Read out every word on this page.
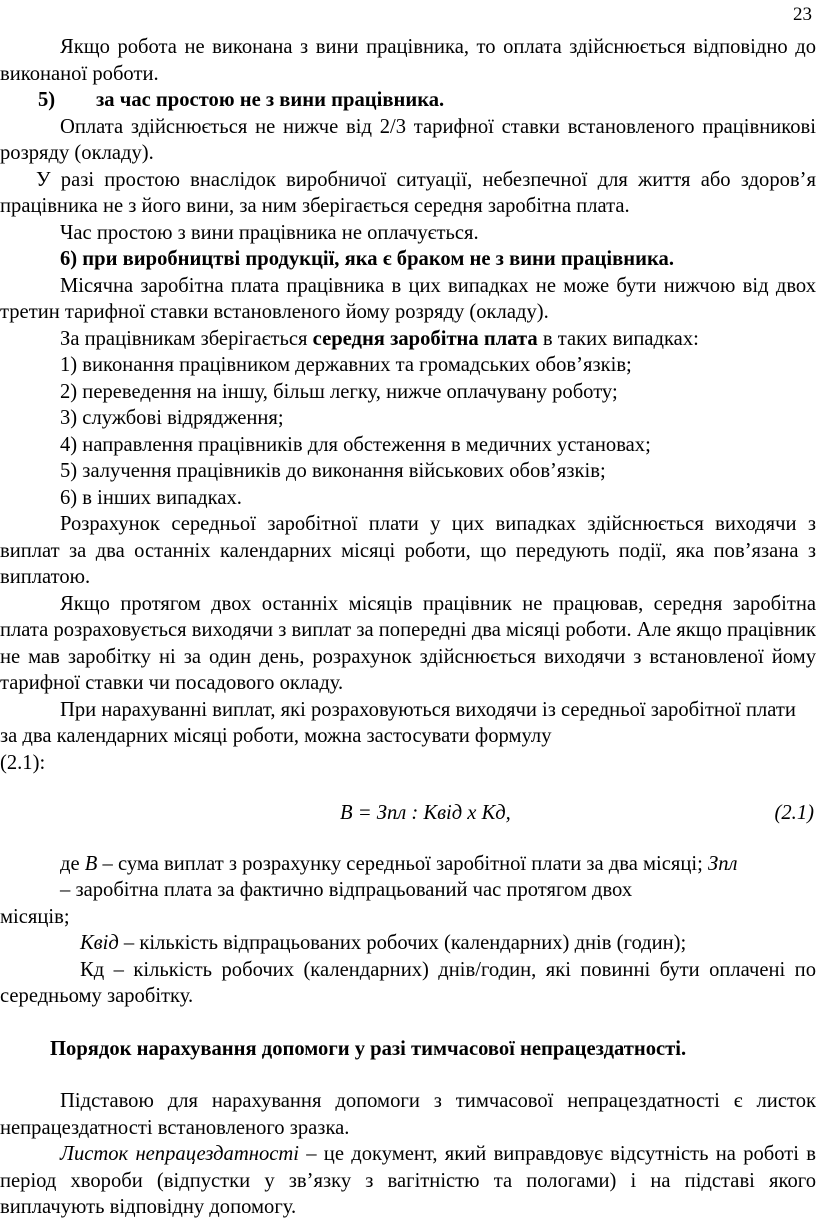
23

Якщо робота не виконана з вини працівника, то оплата здійснюється відповідно до виконаної роботи.

5) за час простою не з вини працівника.

Оплата здійснюється не нижче від 2/3 тарифної ставки встановленого працівникові розряду (окладу).

У разі простою внаслідок виробничої ситуації, небезпечної для життя або здоров’я працівника не з його вини, за ним зберігається середня заробітна плата.

Час простою з вини працівника не оплачується.

6) при виробництві продукції, яка є браком не з вини працівника.

Місячна заробітна плата працівника в цих випадках не може бути нижчою від двох третин тарифної ставки встановленого йому розряду (окладу).

За працівникам зберігається середня заробітна плата в таких випадках:

1) виконання працівником державних та громадських обов’язків;

2) переведення на іншу, більш легку, нижче оплачувану роботу;

3) службові відрядження;

4) направлення працівників для обстеження в медичних установах;

5) залучення працівників до виконання військових обов’язків;

6) в інших випадках.

Розрахунок середньої заробітної плати у цих випадках здійснюється виходячи з виплат за два останніх календарних місяці роботи, що передують події, яка пов’язана з виплатою.

Якщо протягом двох останніх місяців працівник не працював, середня заробітна плата розраховується виходячи з виплат за попередні два місяці роботи. Але якщо працівник не мав заробітку ні за один день, розрахунок здійснюється виходячи з встановленої йому тарифної ставки чи посадового окладу.

При нарахуванні виплат, які розраховуються виходячи із середньої заробітної плати за два календарних місяці роботи, можна застосувати формулу

(2.1):

В = Зпл : Квід х Кд,	(2.1)

де В – сума виплат з розрахунку середньої заробітної плати за два місяці; Зпл

– заробітна плата за фактично відпрацьований час протягом двох

місяців;

Квід – кількість відпрацьованих робочих (календарних) днів (годин);

Кд – кількість робочих (календарних) днів/годин, які повинні бути оплачені по середньому заробітку.

Порядок нарахування допомоги у разі тимчасової непрацездатності.

Підставою для нарахування допомоги з тимчасової непрацездатності є листок непрацездатності встановленого зразка.

Листок непрацездатності – це документ, який виправдовує відсутність на роботі в період хвороби (відпустки у зв’язку з вагітністю та пологами) і на підставі якого виплачують відповідну допомогу.
